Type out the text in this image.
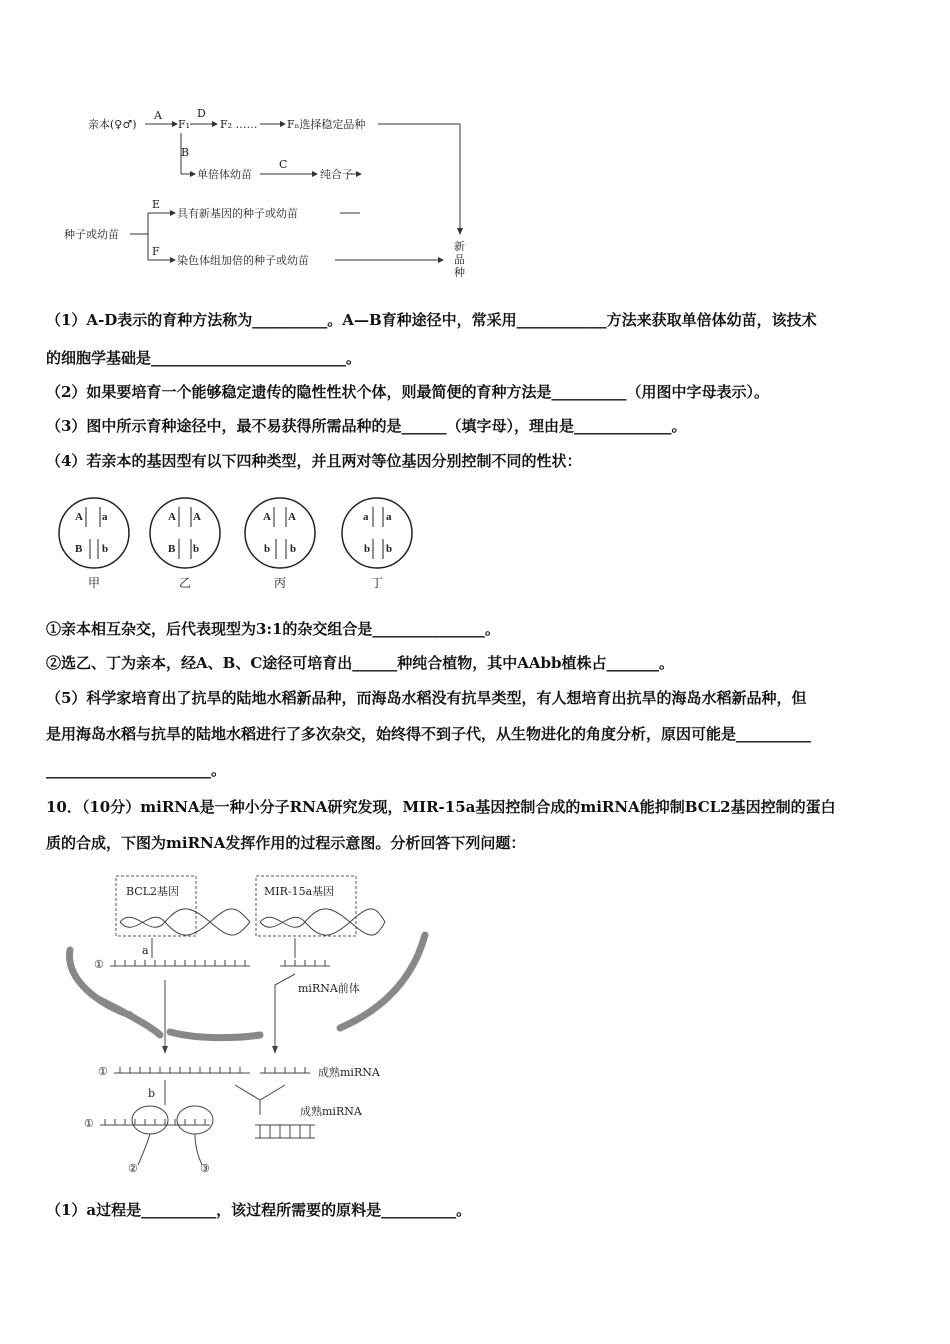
亲本(♀♂)
A
F₁
D
F₂ ……	Fₙ选择稳定品种
B
单倍体幼苗
C
纯合子
种子或幼苗
E
具有新基因的种子或幼苗
F
染色体组加倍的种子或幼苗
新
品
种
（1）A-D表示的育种方法称为__________。A—B育种途径中，常采用____________方法来获取单倍体幼苗，该技术
的细胞学基础是__________________________。
（2）如果要培育一个能够稳定遗传的隐性性状个体，则最简便的育种方法是__________（用图中字母表示）。
（3）图中所示育种途径中，最不易获得所需品种的是______（填字母），理由是_____________。
（4）若亲本的基因型有以下四种类型，并且两对等位基因分别控制不同的性状：
A a
B b
甲
A A
B b
乙
A A
b b
丙
a a
b b
丁
①亲本相互杂交，后代表现型为3:1的杂交组合是_______________。
②选乙、丁为亲本，经A、B、C途径可培育出______种纯合植物，其中AAbb植株占_______。
（5）科学家培育出了抗旱的陆地水稻新品种，而海岛水稻没有抗旱类型，有人想培育出抗旱的海岛水稻新品种，但
是用海岛水稻与抗旱的陆地水稻进行了多次杂交，始终得不到子代，从生物进化的角度分析，原因可能是__________
______________________。
10．（10分）miRNA是一种小分子RNA研究发现，MIR-15a基因控制合成的miRNA能抑制BCL2基因控制的蛋白
质的合成，下图为miRNA发挥作用的过程示意图。分析回答下列问题：
BCL2基因	MIR-15a基因
a
①
miRNA前体
①	成熟miRNA
b
成熟miRNA
①
②	③
（1）a过程是__________，该过程所需要的原料是__________。
